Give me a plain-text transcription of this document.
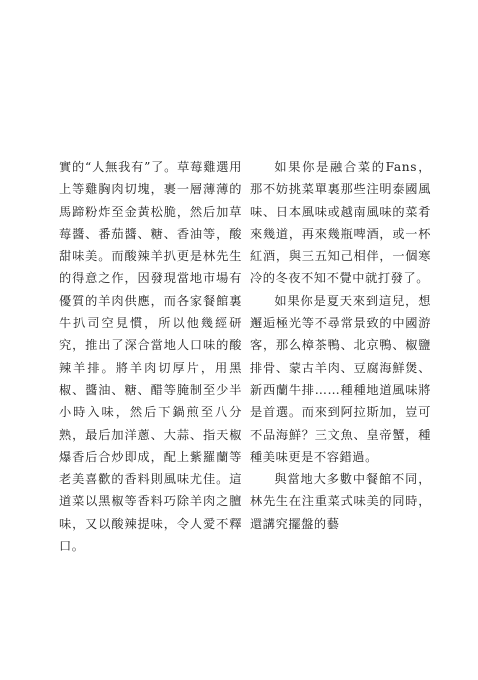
實的“人無我有”了。草莓雞選用上等雞胸肉切塊，裹一層薄薄的馬蹄粉炸至金黃松脆，然后加草莓醬、番茄醬、糖、香油等，酸甜味美。而酸辣羊扒更是林先生的得意之作，因發現當地市場有優質的羊肉供應，而各家餐館裏牛扒司空見慣，所以他幾經研究，推出了深合當地人口味的酸辣羊排。將羊肉切厚片，用黑椒、醬油、糖、醋等腌制至少半小時入味，然后下鍋煎至八分熟，最后加洋蔥、大蒜、指天椒爆香后合炒即成，配上紫羅蘭等老美喜歡的香料則風味尤佳。這道菜以黑椒等香料巧除羊肉之膻味，又以酸辣提味，令人愛不釋口。

如果你是融合菜的Fans，那不妨挑菜單裏那些注明泰國風味、日本風味或越南風味的菜肴來幾道，再來幾瓶啤酒，或一杯紅酒，與三五知己相伴，一個寒冷的冬夜不知不覺中就打發了。

如果你是夏天來到這兒，想邂逅極光等不尋常景致的中國游客，那么樟茶鴨、北京鴨、椒鹽排骨、蒙古羊肉、豆腐海鮮煲、新西蘭牛排……種種地道風味將是首選。而來到阿拉斯加，豈可不品海鮮？三文魚、皇帝蟹，種種美味更是不容錯過。

與當地大多數中餐館不同，林先生在注重菜式味美的同時，還講究擺盤的藝
